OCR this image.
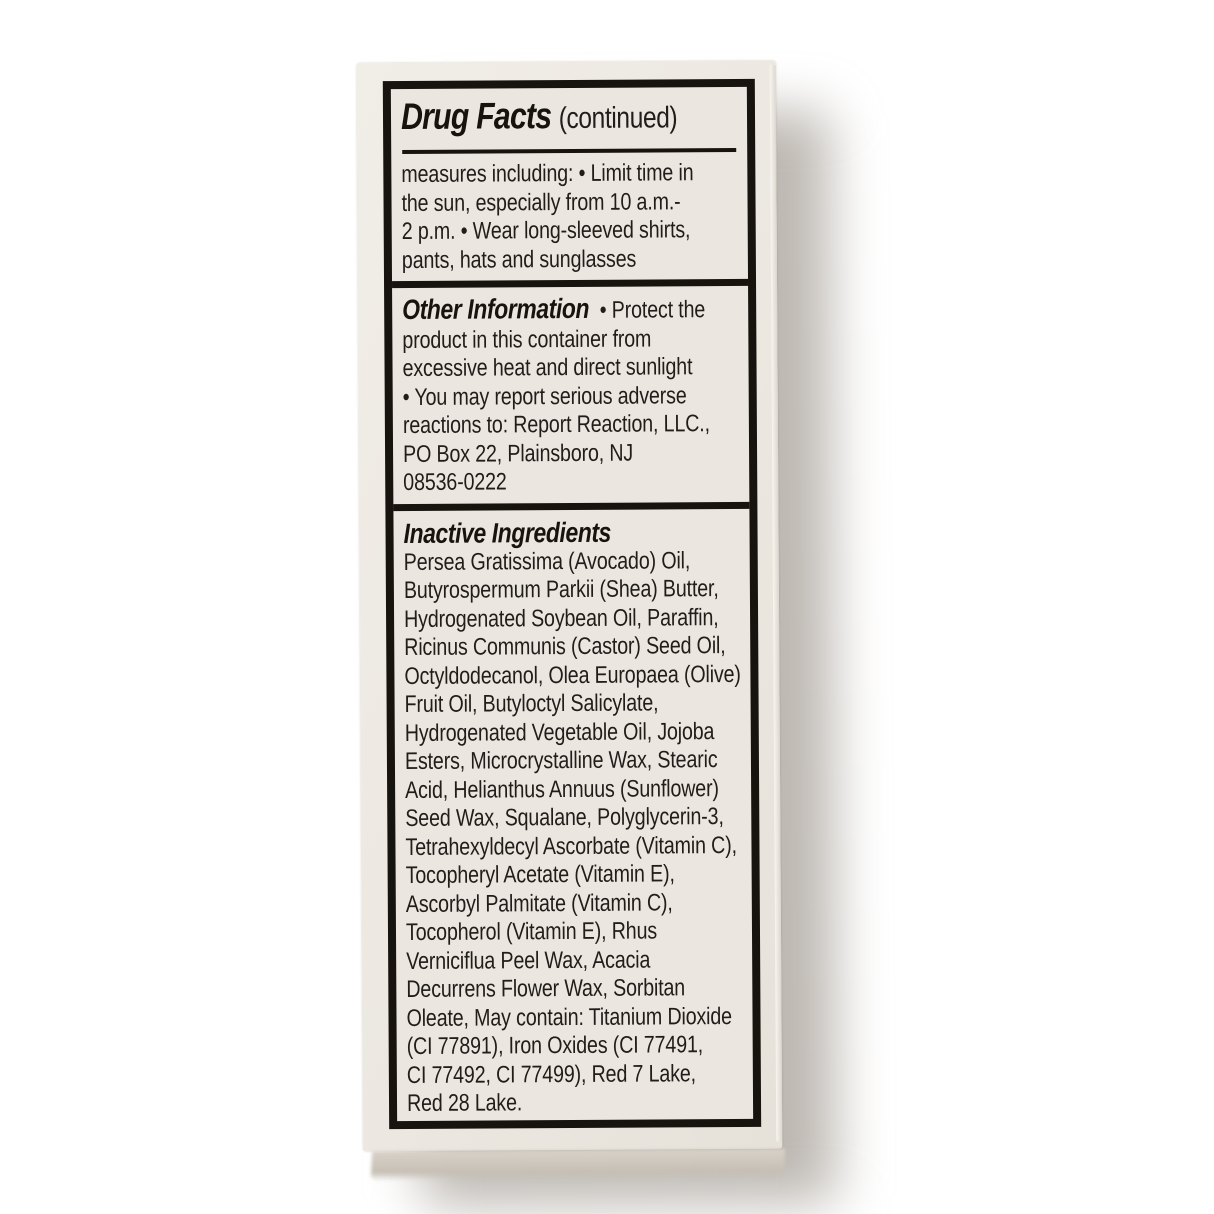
Drug Facts (continued)
measures including: • Limit time in
the sun, especially from 10 a.m.-
2 p.m. • Wear long-sleeved shirts,
pants, hats and sunglasses
Other Information  • Protect the
product in this container from
excessive heat and direct sunlight
• You may report serious adverse
reactions to: Report Reaction, LLC.,
PO Box 22, Plainsboro, NJ
08536-0222
Inactive Ingredients
Persea Gratissima (Avocado) Oil,
Butyrospermum Parkii (Shea) Butter,
Hydrogenated Soybean Oil, Paraffin,
Ricinus Communis (Castor) Seed Oil,
Octyldodecanol, Olea Europaea (Olive)
Fruit Oil, Butyloctyl Salicylate,
Hydrogenated Vegetable Oil, Jojoba
Esters, Microcrystalline Wax, Stearic
Acid, Helianthus Annuus (Sunflower)
Seed Wax, Squalane, Polyglycerin-3,
Tetrahexyldecyl Ascorbate (Vitamin C),
Tocopheryl Acetate (Vitamin E),
Ascorbyl Palmitate (Vitamin C),
Tocopherol (Vitamin E), Rhus
Verniciflua Peel Wax, Acacia
Decurrens Flower Wax, Sorbitan
Oleate, May contain: Titanium Dioxide
(CI 77891), Iron Oxides (CI 77491,
CI 77492, CI 77499), Red 7 Lake,
Red 28 Lake.
